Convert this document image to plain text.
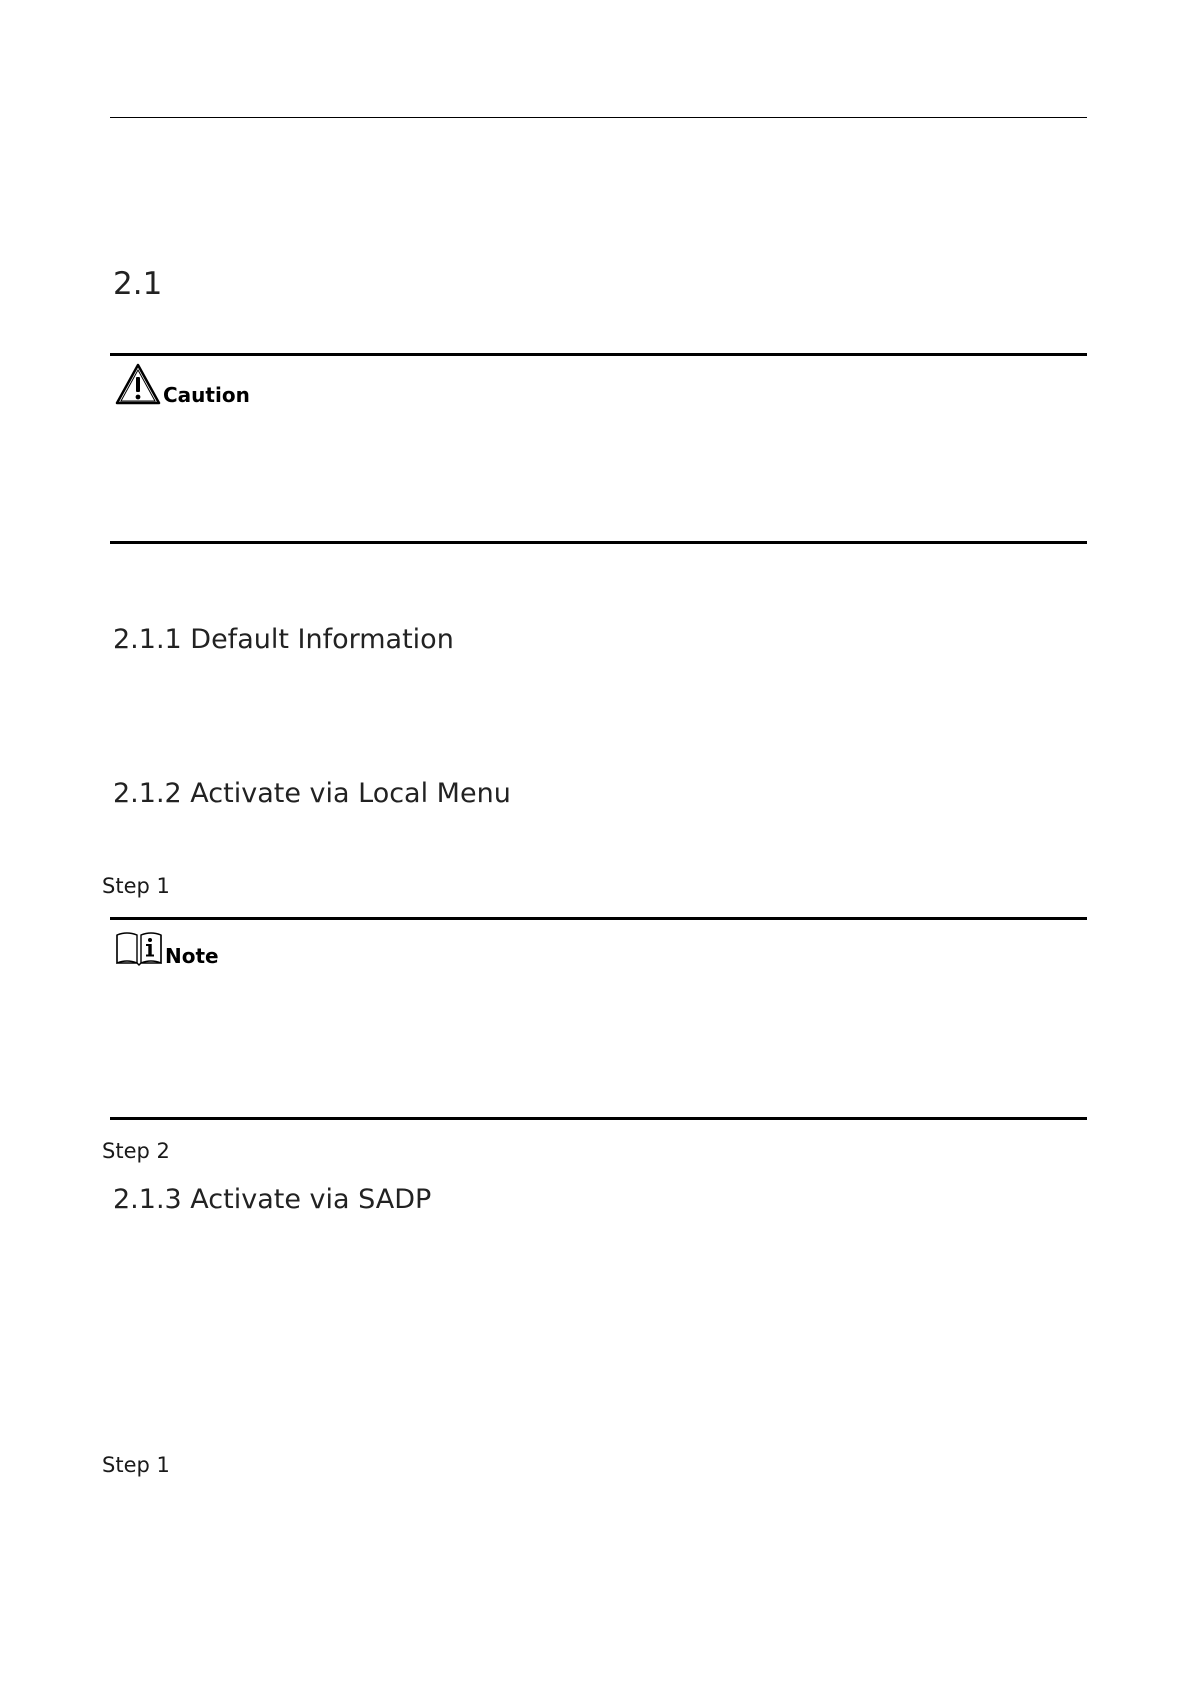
2.1
Caution
2.1.1 Default Information
2.1.2 Activate via Local Menu
Step 1
Note
Step 2
2.1.3 Activate via SADP
Step 1
